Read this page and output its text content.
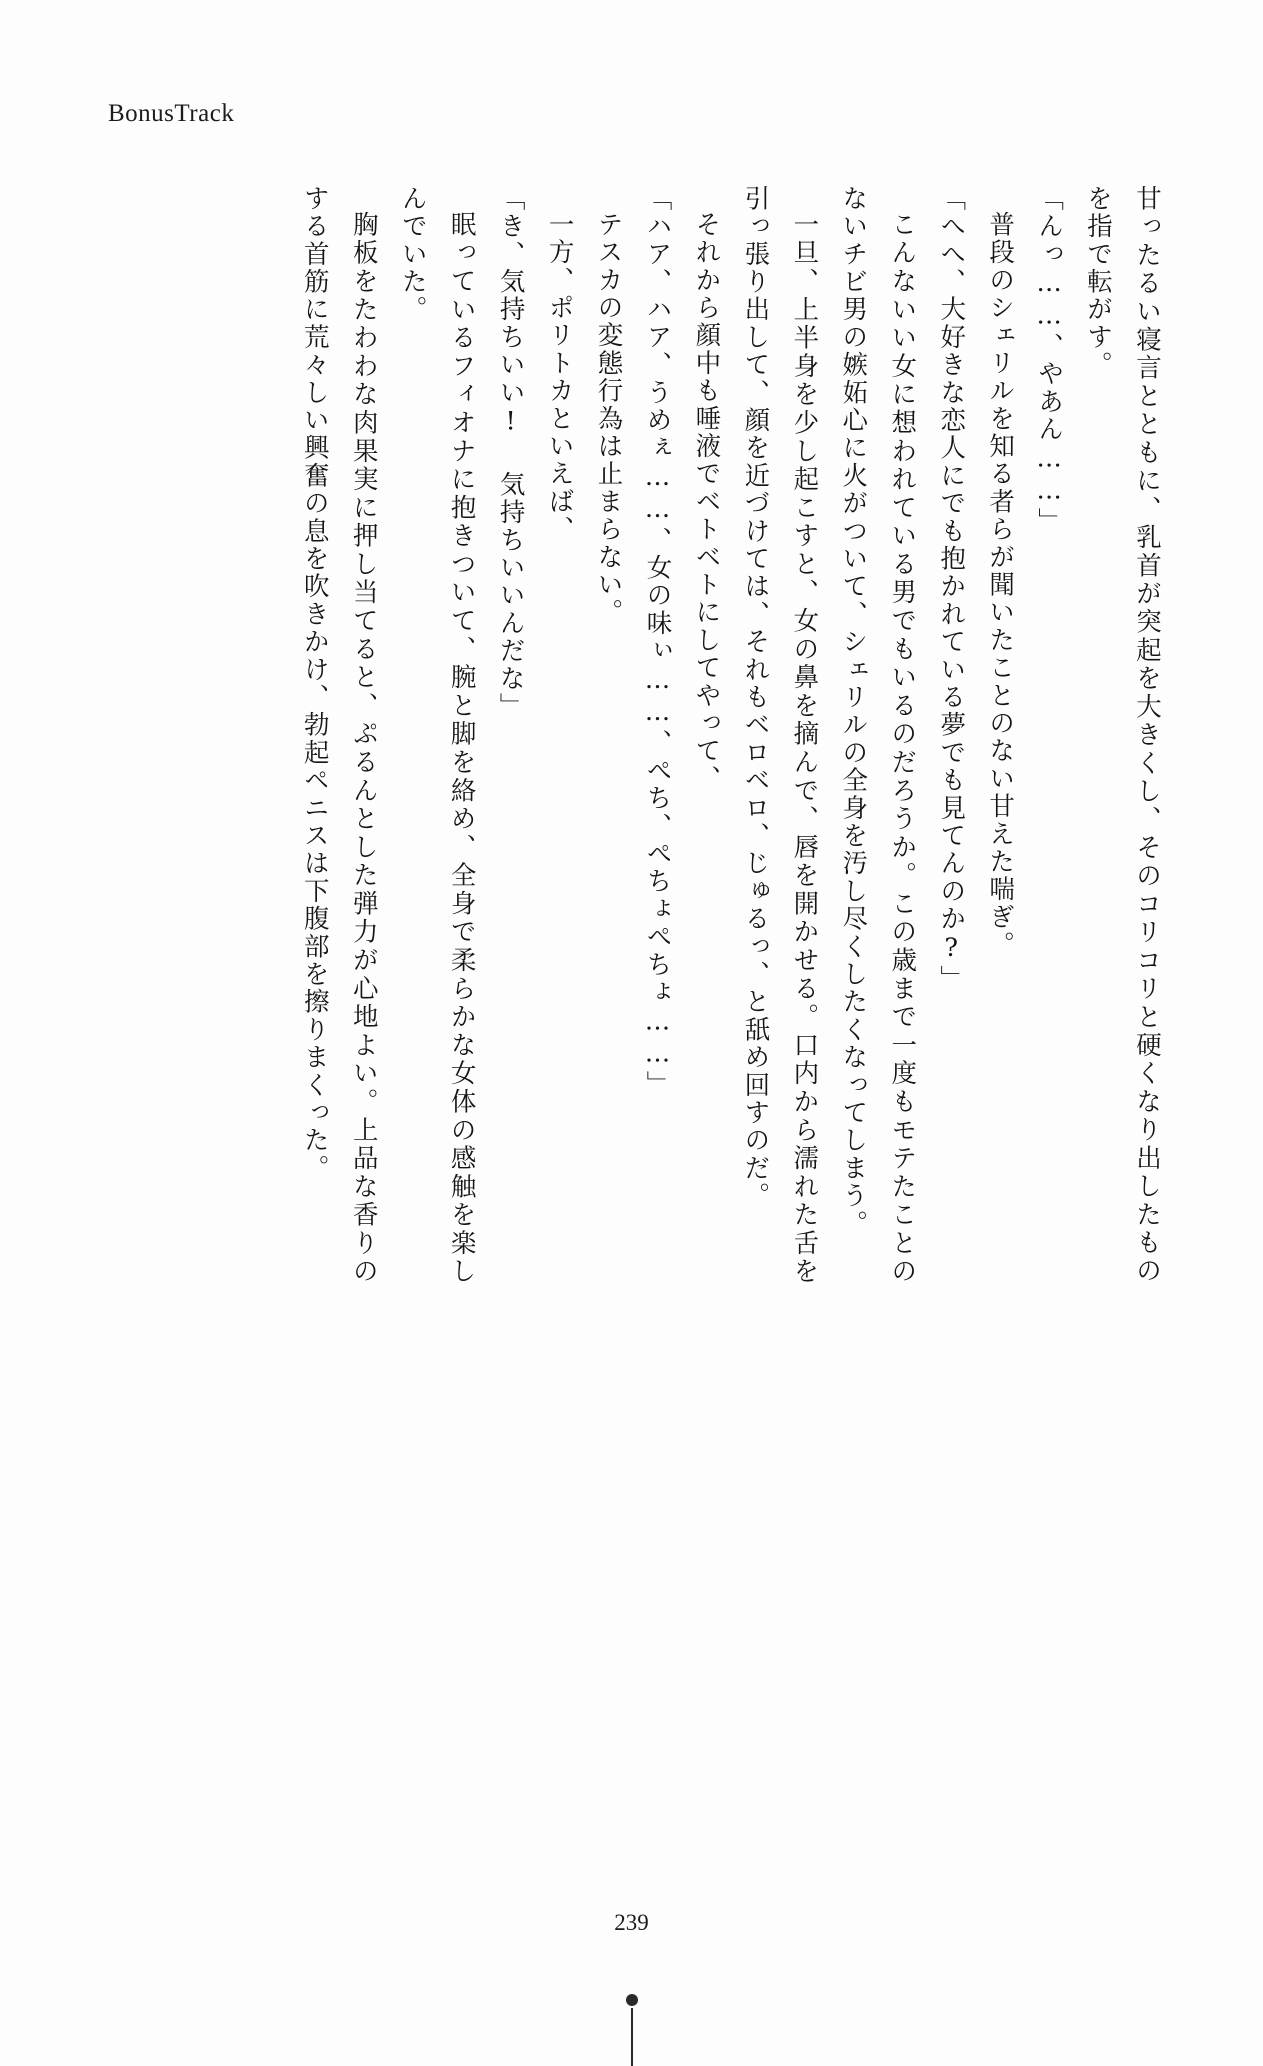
BonusTrack

甘ったるい寝言とともに、乳首が突起を大きくし、そのコリコリと硬くなり出したものを指で転がす。

「んっ……、やあん……」

普段のシェリルを知る者らが聞いたことのない甘えた喘ぎ。

「へへ、大好きな恋人にでも抱かれている夢でも見てんのか?」

こんないい女に想われている男でもいるのだろうか。この歳まで一度もモテたことのないチビ男の嫉妬心に火がついて、シェリルの全身を汚し尽くしたくなってしまう。

一旦、上半身を少し起こすと、女の鼻を摘んで、唇を開かせる。口内から濡れた舌を引っ張り出して、顔を近づけては、それもベロベロ、じゅるっ、と舐め回すのだ。

それから顔中も唾液でベトベトにしてやって、

「ハア、ハア、うめぇ……、女の味ぃ……、ぺち、ぺちょぺちょ……」

テスカの変態行為は止まらない。

一方、ポリトカといえば、

「き、気持ちいい! 気持ちいいんだな」

眠っているフィオナに抱きついて、腕と脚を絡め、全身で柔らかな女体の感触を楽しんでいた。

胸板をたわわな肉果実に押し当てると、ぷるんとした弾力が心地よい。上品な香りのする首筋に荒々しい興奮の息を吹きかけ、勃起ペニスは下腹部を擦りまくった。

239
